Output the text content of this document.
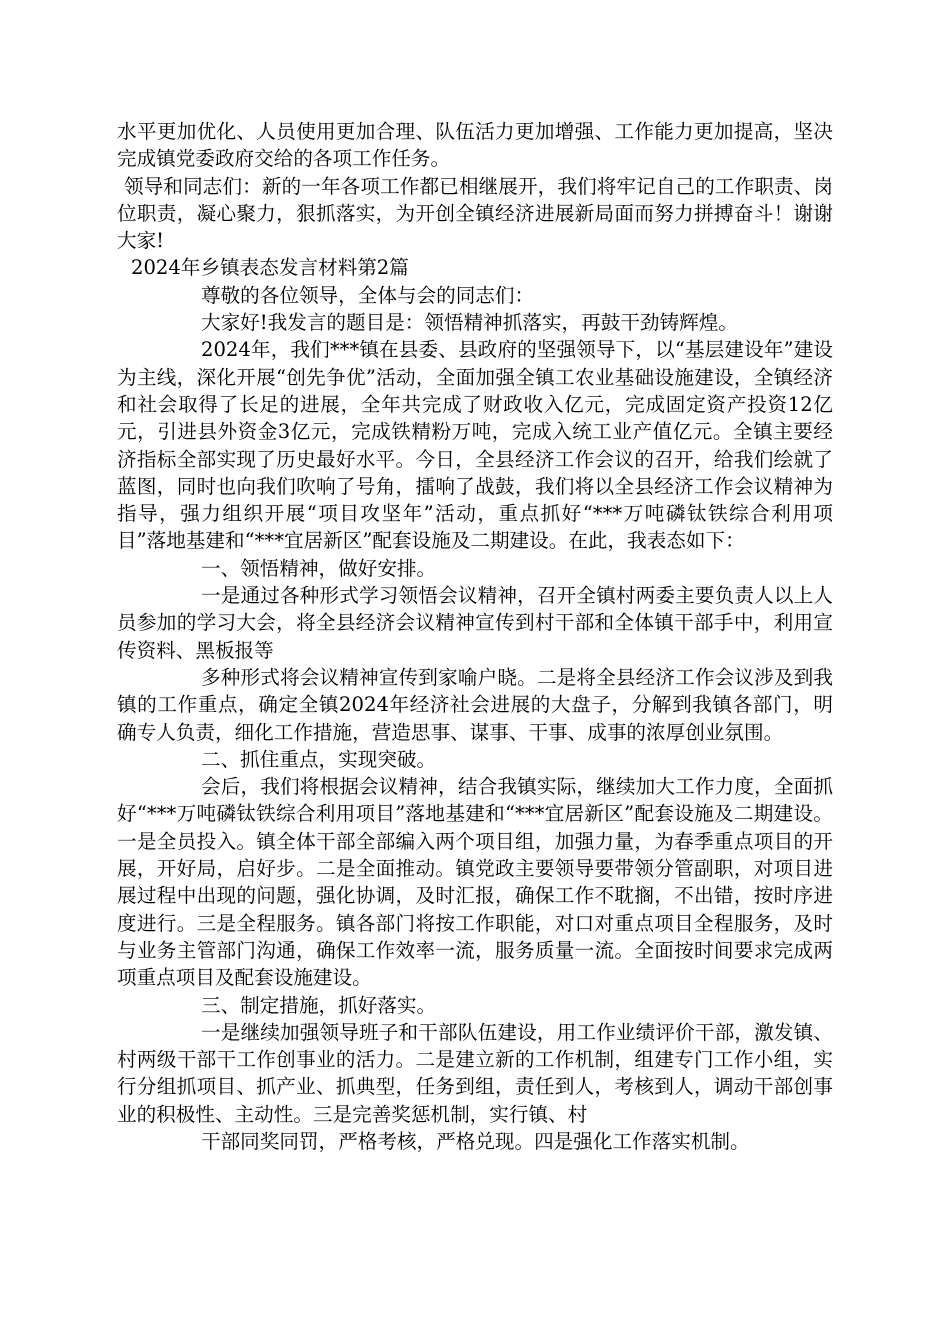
水平更加优化、人员使用更加合理、队伍活力更加增强、工作能力更加提高，坚决完成镇党委政府交给的各项工作任务。

领导和同志们：新的一年各项工作都已相继展开，我们将牢记自己的工作职责、岗位职责，凝心聚力，狠抓落实，为开创全镇经济进展新局面而努力拼搏奋斗！谢谢大家!

2024年乡镇表态发言材料第2篇

尊敬的各位领导，全体与会的同志们：

大家好!我发言的题目是：领悟精神抓落实，再鼓干劲铸辉煌。

2024年，我们***镇在县委、县政府的坚强领导下，以“基层建设年”建设为主线，深化开展“创先争优”活动，全面加强全镇工农业基础设施建设，全镇经济和社会取得了长足的进展，全年共完成了财政收入亿元，完成固定资产投资12亿元，引进县外资金3亿元，完成铁精粉万吨，完成入统工业产值亿元。全镇主要经济指标全部实现了历史最好水平。今日，全县经济工作会议的召开，给我们绘就了蓝图，同时也向我们吹响了号角，擂响了战鼓，我们将以全县经济工作会议精神为指导，强力组织开展“项目攻坚年”活动，重点抓好“***万吨磷钛铁综合利用项目”落地基建和“***宜居新区”配套设施及二期建设。在此，我表态如下：

一、领悟精神，做好安排。

一是通过各种形式学习领悟会议精神，召开全镇村两委主要负责人以上人员参加的学习大会，将全县经济会议精神宣传到村干部和全体镇干部手中，利用宣传资料、黑板报等

多种形式将会议精神宣传到家喻户晓。二是将全县经济工作会议涉及到我镇的工作重点，确定全镇2024年经济社会进展的大盘子，分解到我镇各部门，明确专人负责，细化工作措施，营造思事、谋事、干事、成事的浓厚创业氛围。

二、抓住重点，实现突破。

会后，我们将根据会议精神，结合我镇实际，继续加大工作力度，全面抓好“***万吨磷钛铁综合利用项目”落地基建和“***宜居新区”配套设施及二期建设。一是全员投入。镇全体干部全部编入两个项目组，加强力量，为春季重点项目的开展，开好局，启好步。二是全面推动。镇党政主要领导要带领分管副职，对项目进展过程中出现的问题，强化协调，及时汇报，确保工作不耽搁，不出错，按时序进度进行。三是全程服务。镇各部门将按工作职能，对口对重点项目全程服务，及时与业务主管部门沟通，确保工作效率一流，服务质量一流。全面按时间要求完成两项重点项目及配套设施建设。

三、制定措施，抓好落实。

一是继续加强领导班子和干部队伍建设，用工作业绩评价干部，激发镇、村两级干部干工作创事业的活力。二是建立新的工作机制，组建专门工作小组，实行分组抓项目、抓产业、抓典型，任务到组，责任到人，考核到人，调动干部创事业的积极性、主动性。三是完善奖惩机制，实行镇、村

干部同奖同罚，严格考核，严格兑现。四是强化工作落实机制。
